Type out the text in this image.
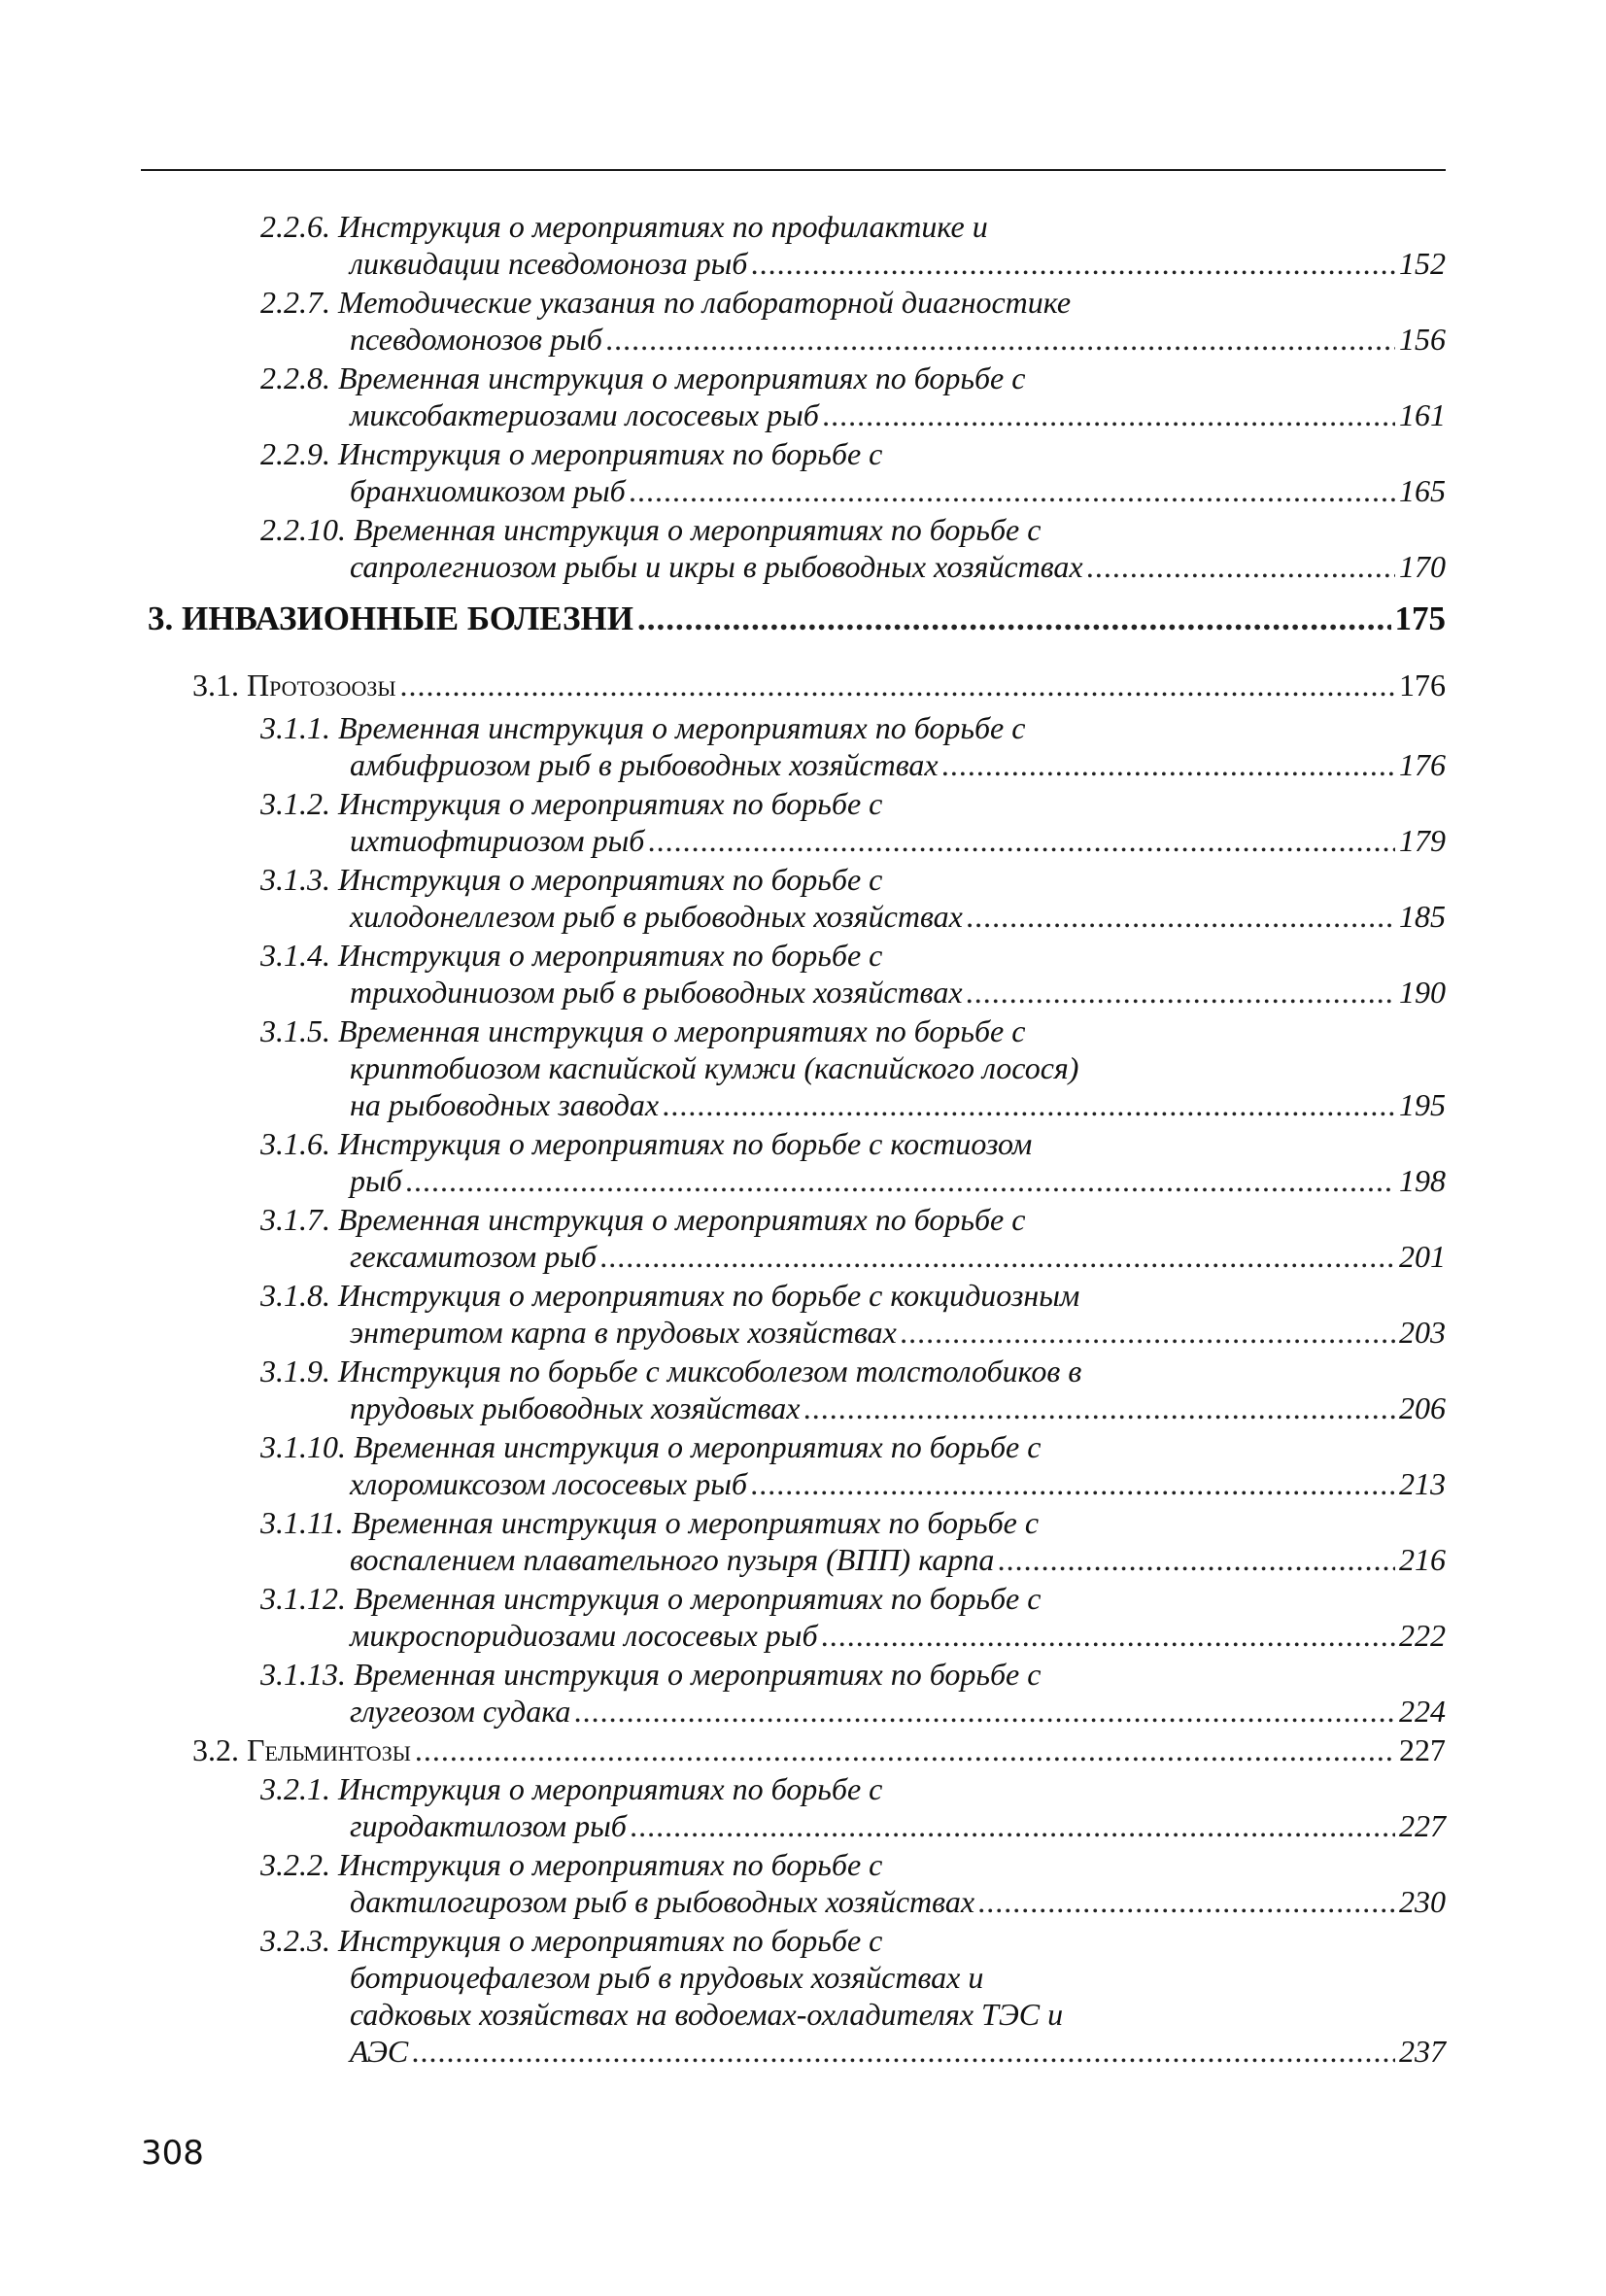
2.2.6. Инструкция о мероприятиях по профилактике и
ликвидации псевдомоноза рыб .....	152
2.2.7. Методические указания по лабораторной диагностике
псевдомонозов рыб .....	156
2.2.8. Временная инструкция о мероприятиях по борьбе с
миксобактериозами лососевых рыб .....	161
2.2.9. Инструкция о мероприятиях по борьбе с
бранхиомикозом рыб .....	165
2.2.10. Временная инструкция о мероприятиях по борьбе с
сапролегниозом рыбы и икры в рыбоводных хозяйствах .....	170
3. ИНВАЗИОННЫЕ БОЛЕЗНИ .....	175
3.1. Протозоозы .....	176
3.1.1. Временная инструкция о мероприятиях по борьбе с
амбифриозом рыб в рыбоводных хозяйствах .....	176
3.1.2. Инструкция о мероприятиях по борьбе с
ихтиофтириозом рыб .....	179
3.1.3. Инструкция о мероприятиях по борьбе с
хилодонеллезом рыб в рыбоводных хозяйствах .....	185
3.1.4. Инструкция о мероприятиях по борьбе с
триходиниозом рыб в рыбоводных хозяйствах .....	190
3.1.5. Временная инструкция о мероприятиях по борьбе с
криптобиозом каспийской кумжи (каспийского лосося)
на рыбоводных заводах .....	195
3.1.6. Инструкция о мероприятиях по борьбе с костиозом
рыб .....	198
3.1.7. Временная инструкция о мероприятиях по борьбе с
гексамитозом рыб .....	201
3.1.8. Инструкция о мероприятиях по борьбе с кокцидиозным
энтеритом карпа в прудовых хозяйствах .....	203
3.1.9. Инструкция по борьбе с миксоболезом толстолобиков в
прудовых рыбоводных хозяйствах .....	206
3.1.10. Временная инструкция о мероприятиях по борьбе с
хлоромиксозом лососевых рыб .....	213
3.1.11. Временная инструкция о мероприятиях по борьбе с
воспалением плавательного пузыря (ВПП) карпа .....	216
3.1.12. Временная инструкция о мероприятиях по борьбе с
микроспоридиозами лососевых рыб .....	222
3.1.13. Временная инструкция о мероприятиях по борьбе с
глугеозом судака .....	224
3.2. Гельминтозы .....	227
3.2.1. Инструкция о мероприятиях по борьбе с
гиродактилозом рыб .....	227
3.2.2. Инструкция о мероприятиях по борьбе с
дактилогирозом рыб в рыбоводных хозяйствах .....	230
3.2.3. Инструкция о мероприятиях по борьбе с
ботриоцефалезом рыб в прудовых хозяйствах и
садковых хозяйствах на водоемах-охладителях ТЭС и
АЭС .....	237
308
